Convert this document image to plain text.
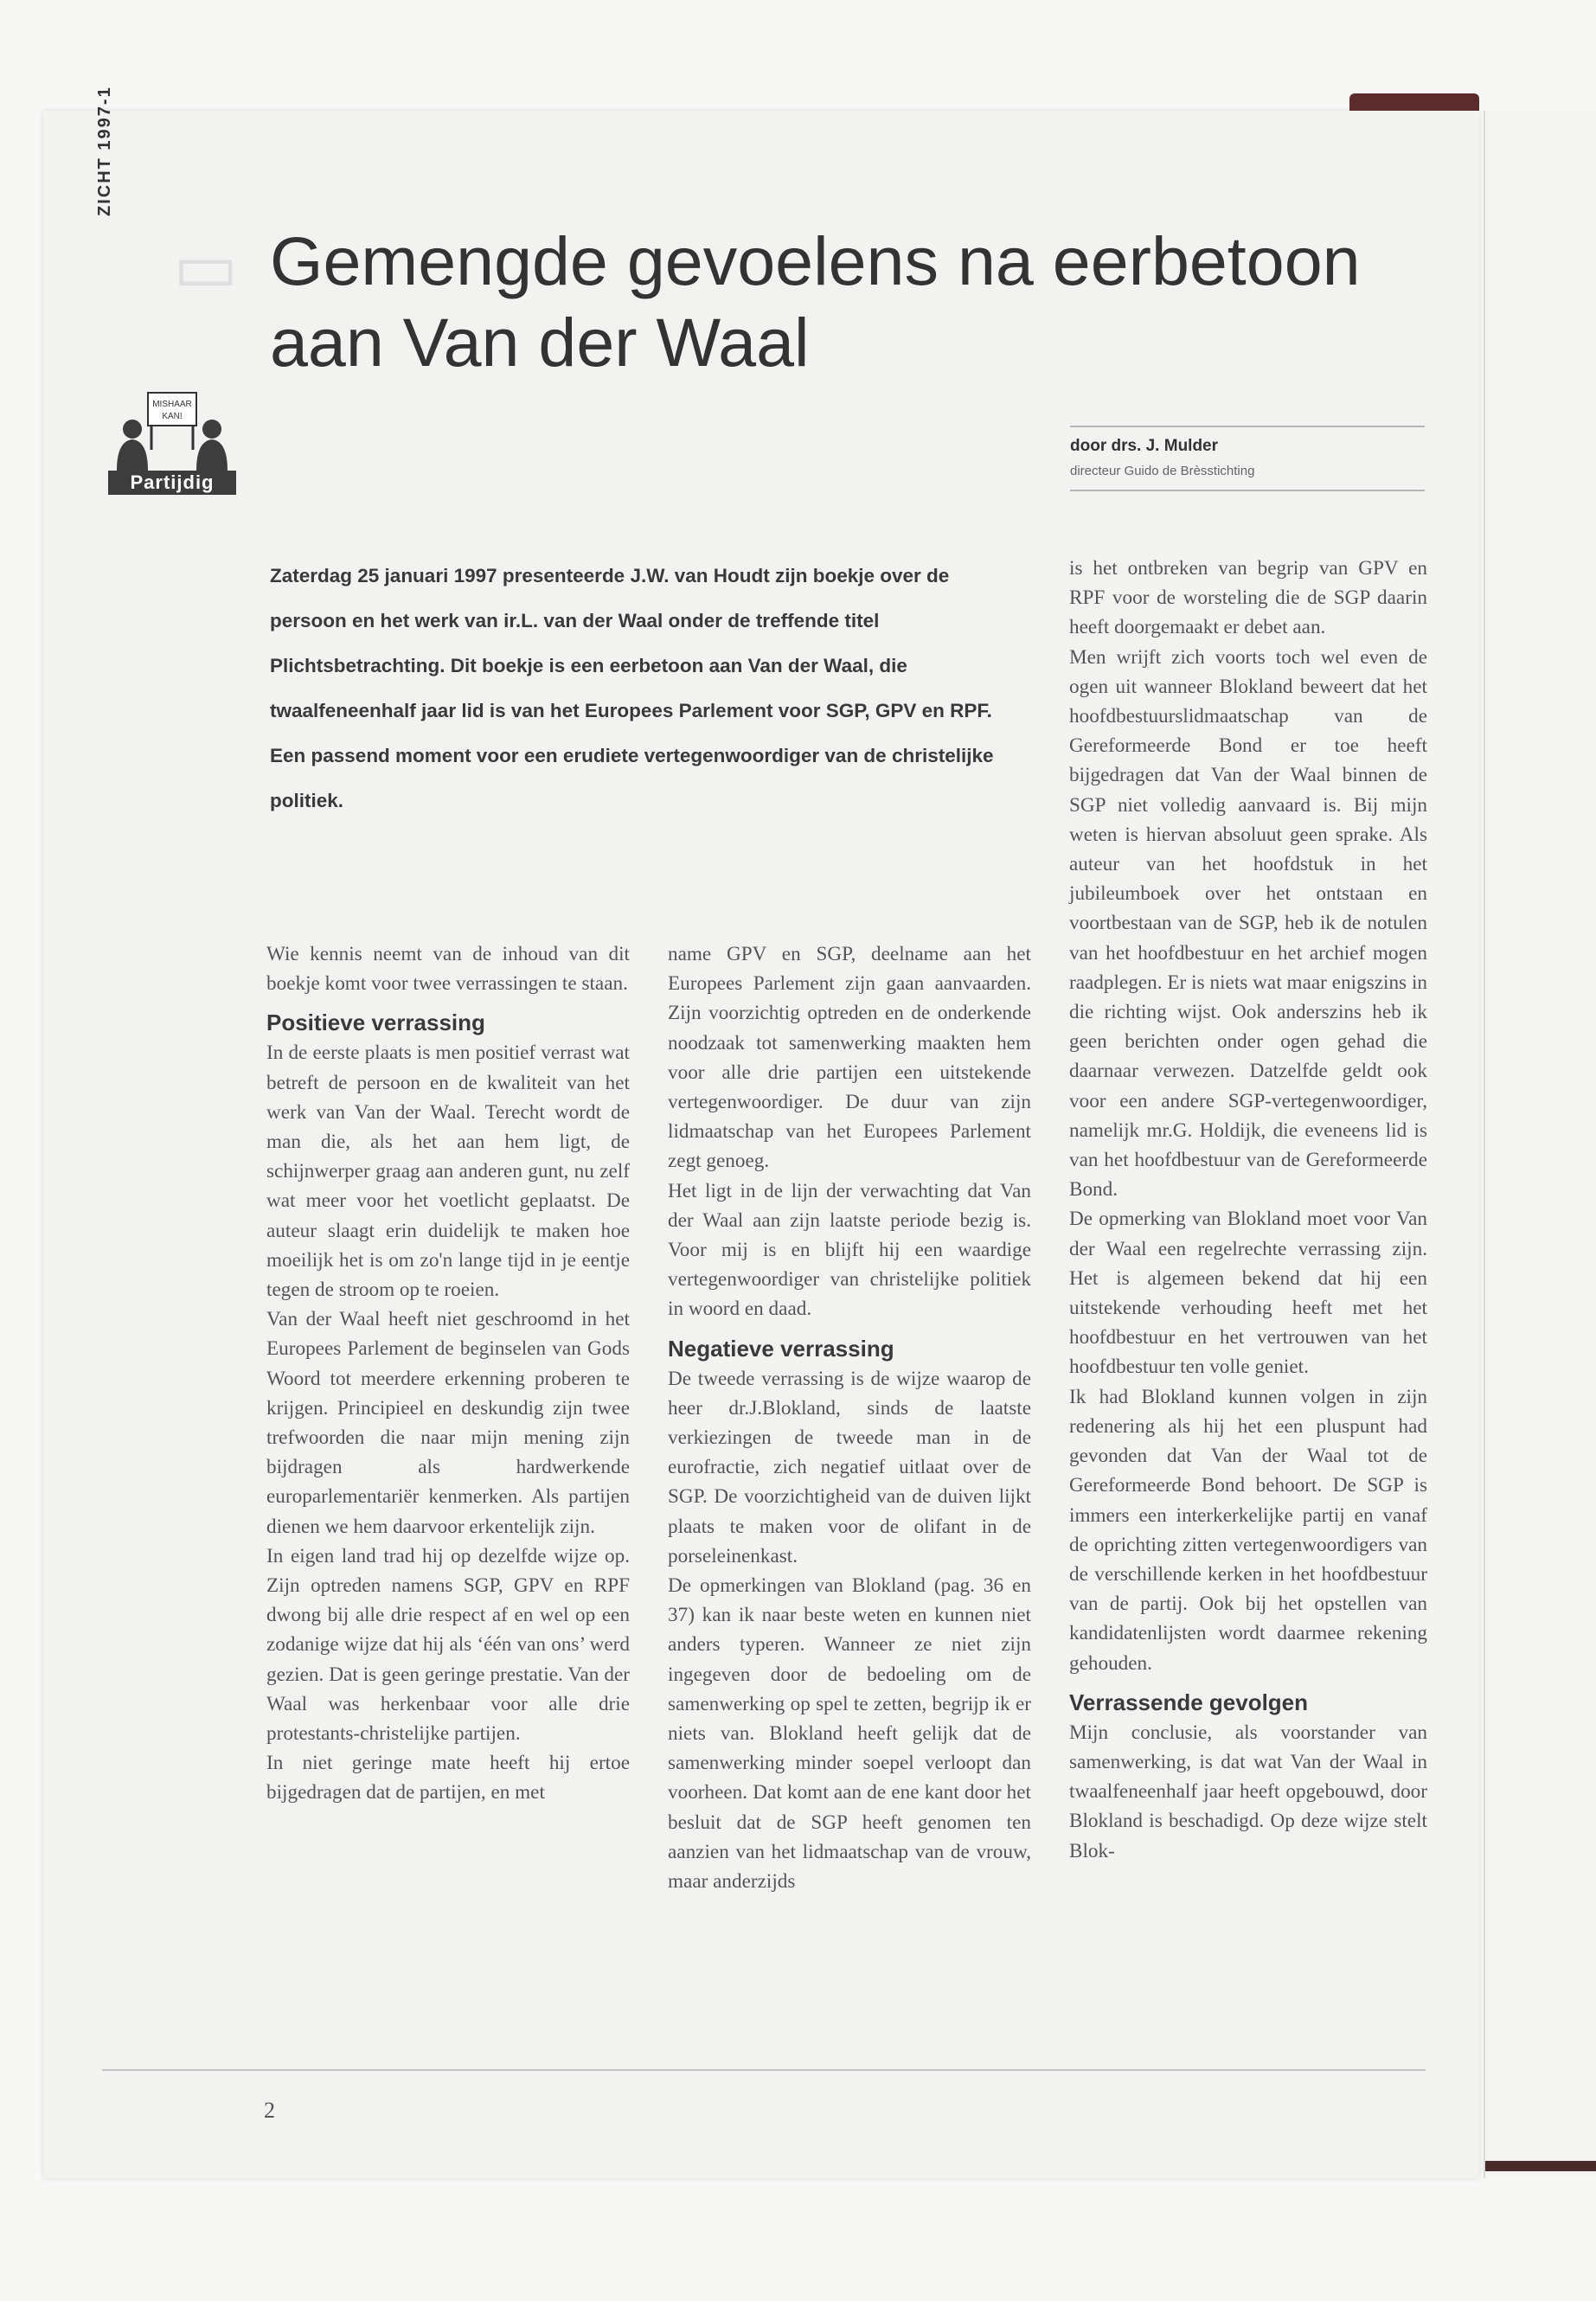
▭
ZICHT 1997-1
MISHAAR
KAN!
Partijdig
Gemengde gevoelens na eerbetoon
aan Van der Waal
door drs. J. Mulder
directeur Guido de Brèsstichting
Zaterdag 25 januari 1997 presenteerde J.W. van Houdt zijn boekje over de persoon en het werk van ir.L. van der Waal onder de treffende titel Plichtsbetrachting. Dit boekje is een eerbetoon aan Van der Waal, die twaalfeneenhalf jaar lid is van het Europees Parlement voor SGP, GPV en RPF. Een passend moment voor een erudiete vertegenwoordiger van de christelijke politiek.

Wie kennis neemt van de inhoud van dit boekje komt voor twee verrassingen te staan.

Positieve verrassing

In de eerste plaats is men positief verrast wat betreft de persoon en de kwaliteit van het werk van Van der Waal. Terecht wordt de man die, als het aan hem ligt, de schijnwerper graag aan anderen gunt, nu zelf wat meer voor het voetlicht geplaatst. De auteur slaagt erin duidelijk te maken hoe moeilijk het is om zo'n lange tijd in je eentje tegen de stroom op te roeien.

Van der Waal heeft niet geschroomd in het Europees Parlement de beginselen van Gods Woord tot meerdere erkenning proberen te krijgen. Principieel en deskundig zijn twee trefwoorden die naar mijn mening zijn bijdragen als hardwerkende europarlementariër kenmerken. Als partijen dienen we hem daarvoor erkentelijk zijn.

In eigen land trad hij op dezelfde wijze op. Zijn optreden namens SGP, GPV en RPF dwong bij alle drie respect af en wel op een zodanige wijze dat hij als ‘één van ons’ werd gezien. Dat is geen geringe prestatie. Van der Waal was herkenbaar voor alle drie protestants-christelijke partijen.

In niet geringe mate heeft hij ertoe bijgedragen dat de partijen, en met

name GPV en SGP, deelname aan het Europees Parlement zijn gaan aanvaarden. Zijn voorzichtig optreden en de onderkende noodzaak tot samenwerking maakten hem voor alle drie partijen een uitstekende vertegenwoordiger. De duur van zijn lidmaatschap van het Europees Parlement zegt genoeg.

Het ligt in de lijn der verwachting dat Van der Waal aan zijn laatste periode bezig is. Voor mij is en blijft hij een waardige vertegenwoordiger van christelijke politiek in woord en daad.

Negatieve verrassing

De tweede verrassing is de wijze waarop de heer dr.J.Blokland, sinds de laatste verkiezingen de tweede man in de eurofractie, zich negatief uitlaat over de SGP. De voorzichtigheid van de duiven lijkt plaats te maken voor de olifant in de porseleinenkast.

De opmerkingen van Blokland (pag. 36 en 37) kan ik naar beste weten en kunnen niet anders typeren. Wanneer ze niet zijn ingegeven door de bedoeling om de samenwerking op spel te zetten, begrijp ik er niets van. Blokland heeft gelijk dat de samenwerking minder soepel verloopt dan voorheen. Dat komt aan de ene kant door het besluit dat de SGP heeft genomen ten aanzien van het lidmaatschap van de vrouw, maar anderzijds

is het ontbreken van begrip van GPV en RPF voor de worsteling die de SGP daarin heeft doorgemaakt er debet aan.

Men wrijft zich voorts toch wel even de ogen uit wanneer Blokland beweert dat het hoofdbestuurslidmaatschap van de Gereformeerde Bond er toe heeft bijgedragen dat Van der Waal binnen de SGP niet volledig aanvaard is. Bij mijn weten is hiervan absoluut geen sprake. Als auteur van het hoofdstuk in het jubileumboek over het ontstaan en voortbestaan van de SGP, heb ik de notulen van het hoofdbestuur en het archief mogen raadplegen. Er is niets wat maar enigszins in die richting wijst. Ook anderszins heb ik geen berichten onder ogen gehad die daarnaar verwezen. Datzelfde geldt ook voor een andere SGP-vertegenwoordiger, namelijk mr.G. Holdijk, die eveneens lid is van het hoofdbestuur van de Gereformeerde Bond.

De opmerking van Blokland moet voor Van der Waal een regelrechte verrassing zijn. Het is algemeen bekend dat hij een uitstekende verhouding heeft met het hoofdbestuur en het vertrouwen van het hoofdbestuur ten volle geniet.

Ik had Blokland kunnen volgen in zijn redenering als hij het een pluspunt had gevonden dat Van der Waal tot de Gereformeerde Bond behoort. De SGP is immers een interkerkelijke partij en vanaf de oprichting zitten vertegenwoordigers van de verschillende kerken in het hoofdbestuur van de partij. Ook bij het opstellen van kandidatenlijsten wordt daarmee rekening gehouden.

Verrassende gevolgen

Mijn conclusie, als voorstander van samenwerking, is dat wat Van der Waal in twaalfeneenhalf jaar heeft opgebouwd, door Blokland is beschadigd. Op deze wijze stelt Blok-

2
